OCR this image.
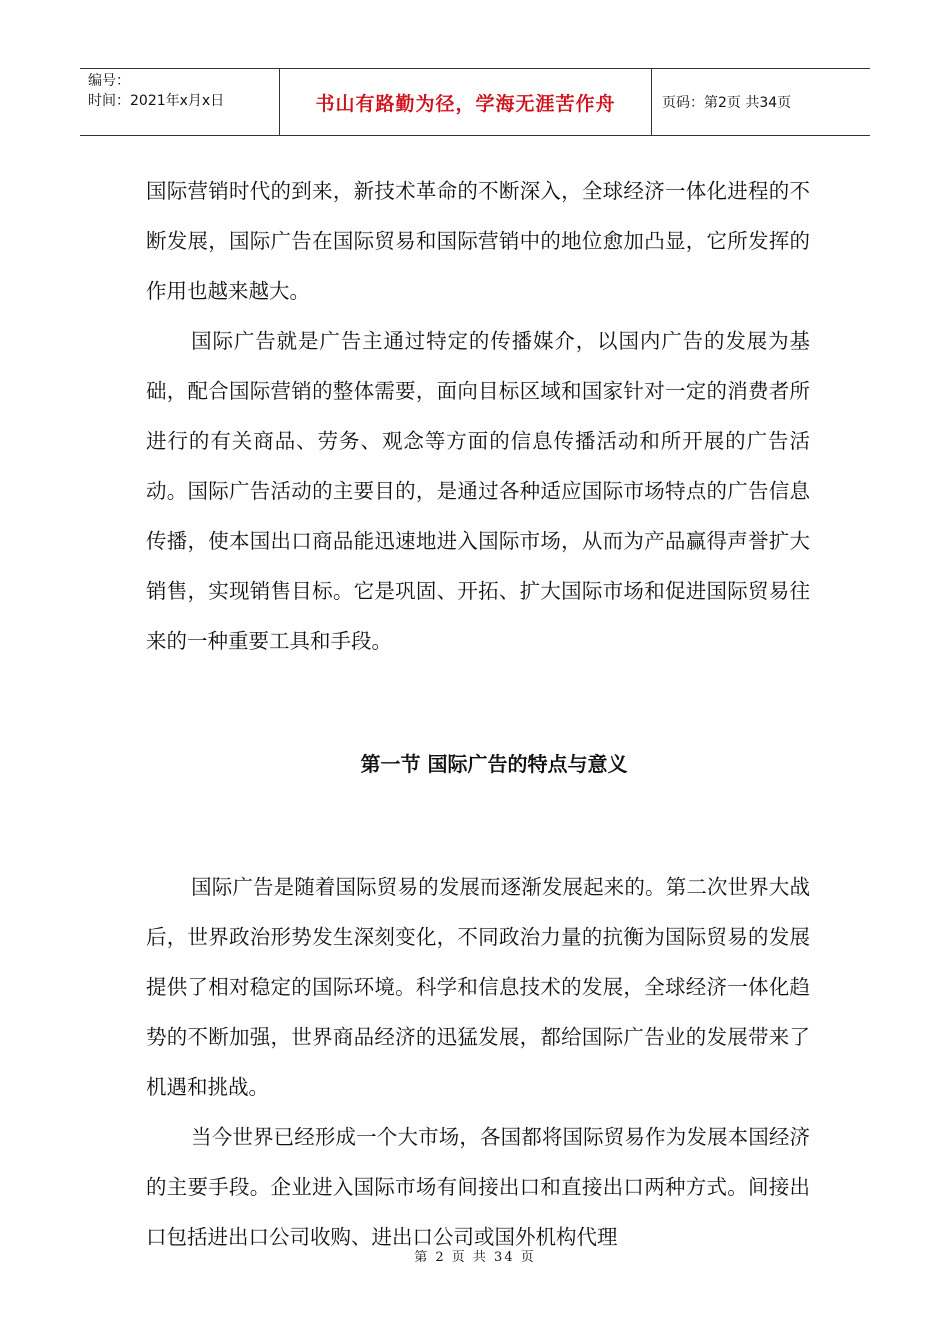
编号：
时间：2021年x月x日	书山有路勤为径，学海无涯苦作舟	页码：第2页 共34页

国际营销时代的到来，新技术革命的不断深入，全球经济一体化进程的不断发展，国际广告在国际贸易和国际营销中的地位愈加凸显，它所发挥的作用也越来越大。

国际广告就是广告主通过特定的传播媒介，以国内广告的发展为基础，配合国际营销的整体需要，面向目标区域和国家针对一定的消费者所进行的有关商品、劳务、观念等方面的信息传播活动和所开展的广告活动。国际广告活动的主要目的，是通过各种适应国际市场特点的广告信息传播，使本国出口商品能迅速地进入国际市场，从而为产品赢得声誉扩大销售，实现销售目标。它是巩固、开拓、扩大国际市场和促进国际贸易往来的一种重要工具和手段。

第一节 国际广告的特点与意义

国际广告是随着国际贸易的发展而逐渐发展起来的。第二次世界大战后，世界政治形势发生深刻变化，不同政治力量的抗衡为国际贸易的发展提供了相对稳定的国际环境。科学和信息技术的发展，全球经济一体化趋势的不断加强，世界商品经济的迅猛发展，都给国际广告业的发展带来了机遇和挑战。

当今世界已经形成一个大市场，各国都将国际贸易作为发展本国经济的主要手段。企业进入国际市场有间接出口和直接出口两种方式。间接出口包括进出口公司收购、进出口公司或国外机构代理

第 2 页 共 34 页
